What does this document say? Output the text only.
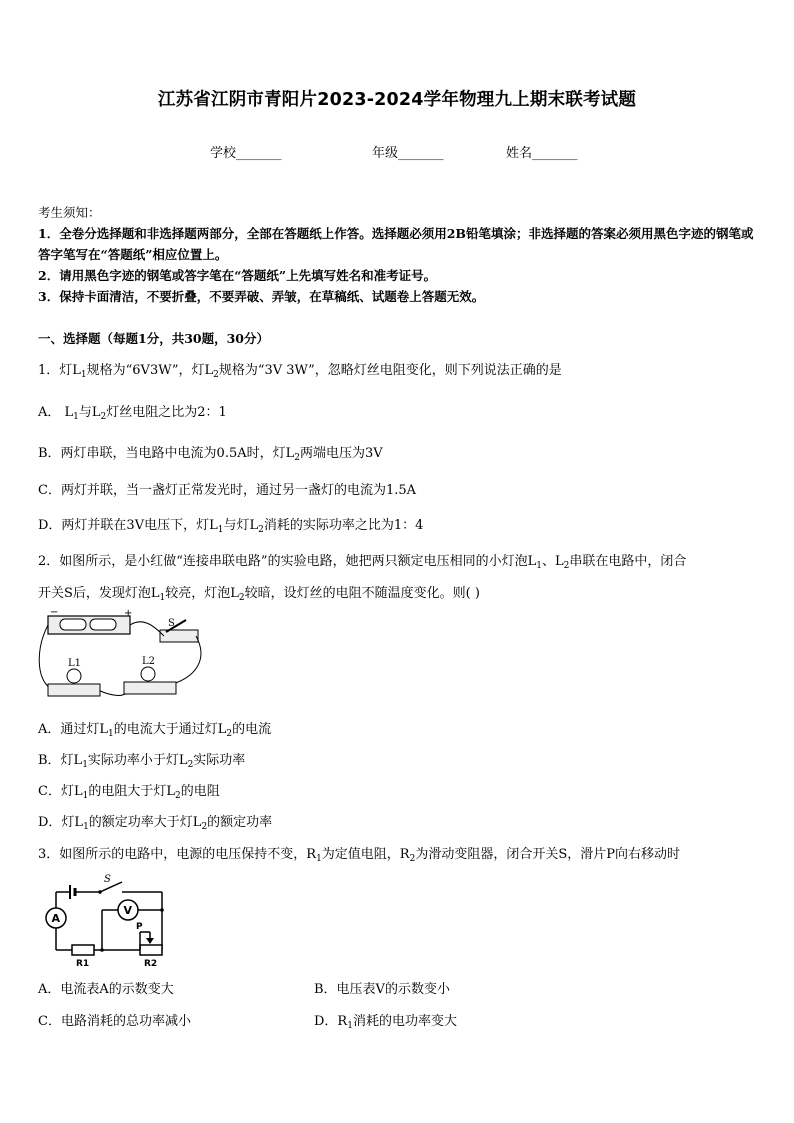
江苏省江阴市青阳片2023-2024学年物理九上期末联考试题
学校_______	年级_______	姓名_______
考生须知：
1．全卷分选择题和非选择题两部分，全部在答题纸上作答。选择题必须用2B铅笔填涂；非选择题的答案必须用黑色字迹的钢笔或答字笔写在“答题纸”相应位置上。
2．请用黑色字迹的钢笔或答字笔在“答题纸”上先填写姓名和准考证号。
3．保持卡面清洁，不要折叠，不要弄破、弄皱，在草稿纸、试题卷上答题无效。
一、选择题（每题1分，共30题，30分）
1．灯$L_1$规格为“6V3W”，灯$L_2$规格为“3V 3W”，忽略灯丝电阻变化，则下列说法正确的是
A． $L_1$与$L_2$灯丝电阻之比为2：1
B．两灯串联，当电路中电流为0.5A时，灯$L_2$两端电压为3V
C．两灯并联，当一盏灯正常发光时，通过另一盏灯的电流为1.5A
D．两灯并联在3V电压下，灯$L_1$与灯$L_2$消耗的实际功率之比为1：4
2．如图所示，是小红做“连接串联电路”的实验电路，她把两只额定电压相同的小灯泡$L_1$、$L_2$串联在电路中，闭合
开关S后，发现灯泡$L_1$较亮，灯泡$L_2$较暗，设灯丝的电阻不随温度变化。则( )
−	+
S
L1	L2
A．通过灯$L_1$的电流大于通过灯$L_2$的电流
B．灯$L_1$实际功率小于灯$L_2$实际功率
C．灯$L_1$的电阻大于灯$L_2$的电阻
D．灯$L_1$的额定功率大于灯$L_2$的额定功率
3．如图所示的电路中，电源的电压保持不变，$R_1$为定值电阻，$R_2$为滑动变阻器，闭合开关S，滑片P向右移动时
S
A
V
R1	R2
P
A．电流表A的示数变大	B．电压表V的示数变小
C．电路消耗的总功率减小	D．$R_1$消耗的电功率变大
